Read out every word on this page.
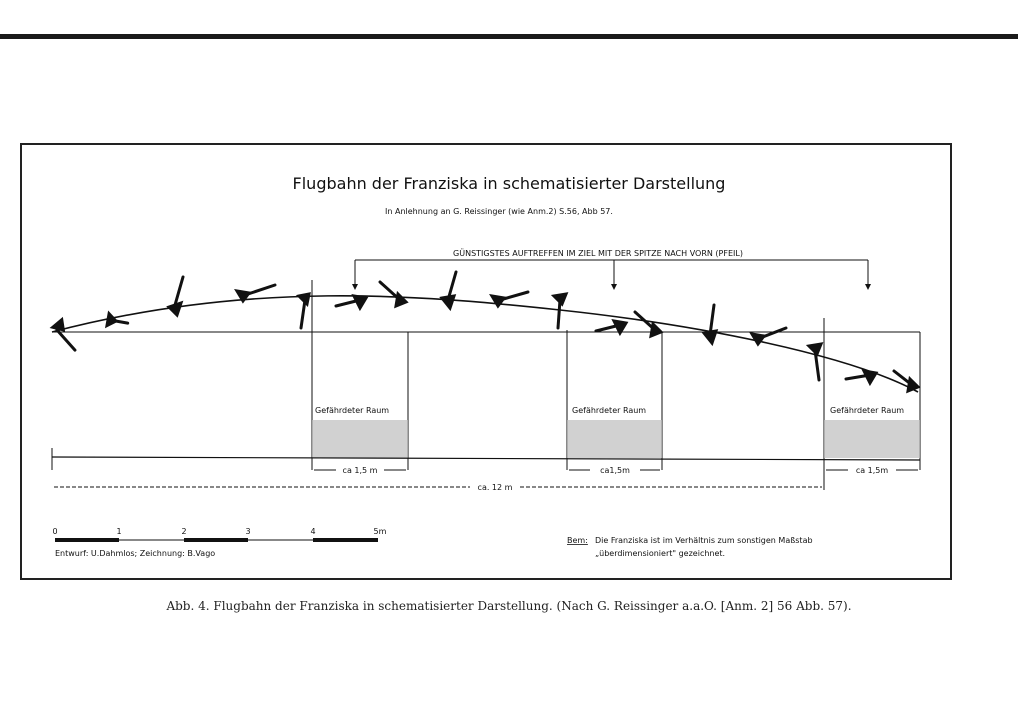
Flugbahn der Franziska in schematisierter Darstellung
In Anlehnung an G. Reissinger (wie Anm.2) S.56, Abb 57.
GÜNSTIGSTES AUFTREFFEN IM ZIEL MIT DER SPITZE NACH VORN (PFEIL)
Gefährdeter Raum	Gefährdeter Raum	Gefährdeter Raum
ca 1,5 m	ca1,5m	ca 1,5m
ca. 12 m
0	1	2	3	4	5m
Entwurf: U.Dahmlos; Zeichnung: B.Vago
Bem: Die Franziska ist im Verhältnis zum sonstigen Maßstab
„überdimensioniert" gezeichnet.
Abb. 4. Flugbahn der Franziska in schematisierter Darstellung. (Nach G. Reissinger a.a.O. [Anm. 2] 56 Abb. 57).
